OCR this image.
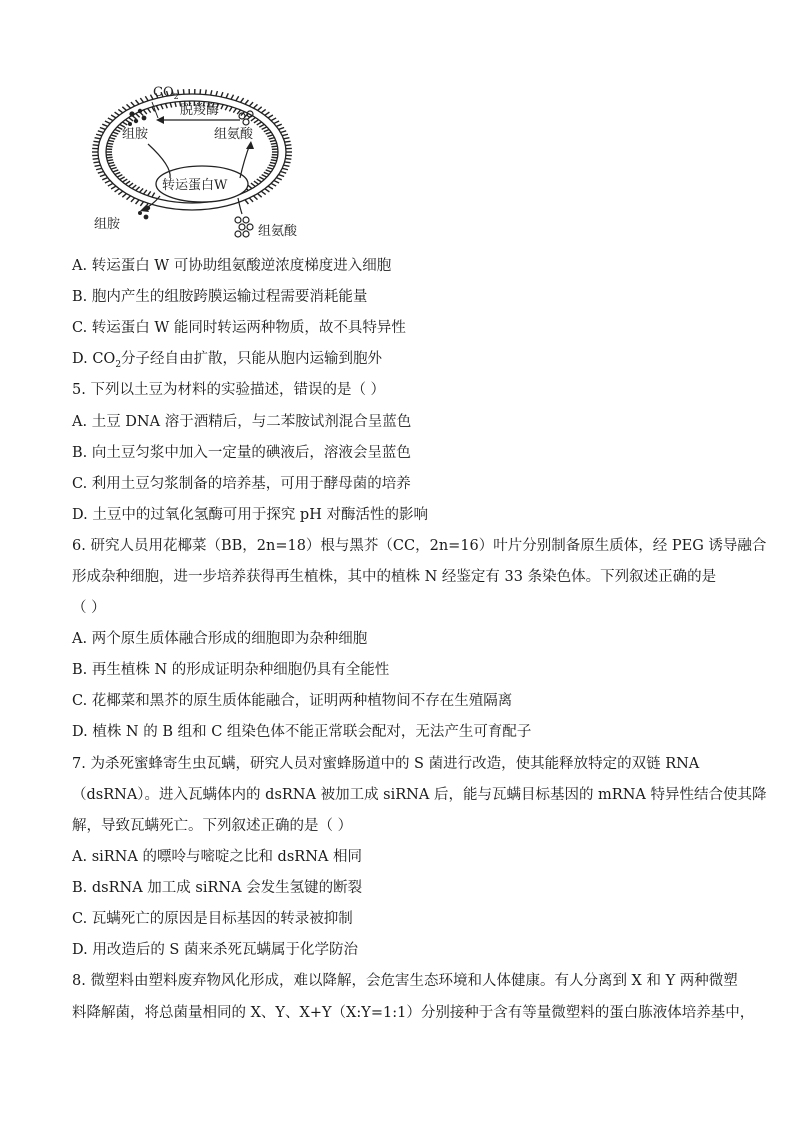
转运蛋白W
$CO_2$
脱羧酶
组胺	组氨酸
组胺	组氨酸
A. 转运蛋白 W 可协助组氨酸逆浓度梯度进入细胞
B. 胞内产生的组胺跨膜运输过程需要消耗能量
C. 转运蛋白 W 能同时转运两种物质，故不具特异性
D. $CO_2$分子经自由扩散，只能从胞内运输到胞外
5. 下列以土豆为材料的实验描述，错误的是（ ）
A. 土豆 DNA 溶于酒精后，与二苯胺试剂混合呈蓝色
B. 向土豆匀浆中加入一定量的碘液后，溶液会呈蓝色
C. 利用土豆匀浆制备的培养基，可用于酵母菌的培养
D. 土豆中的过氧化氢酶可用于探究 pH 对酶活性的影响
6. 研究人员用花椰菜（BB，2n=18）根与黑芥（CC，2n=16）叶片分别制备原生质体，经 PEG 诱导融合
形成杂种细胞，进一步培养获得再生植株，其中的植株 N 经鉴定有 33 条染色体。下列叙述正确的是
（ ）
A. 两个原生质体融合形成的细胞即为杂种细胞
B. 再生植株 N 的形成证明杂种细胞仍具有全能性
C. 花椰菜和黑芥的原生质体能融合，证明两种植物间不存在生殖隔离
D. 植株 N 的 B 组和 C 组染色体不能正常联会配对，无法产生可育配子
7. 为杀死蜜蜂寄生虫瓦螨，研究人员对蜜蜂肠道中的 S 菌进行改造，使其能释放特定的双链 RNA
（dsRNA）。进入瓦螨体内的 dsRNA 被加工成 siRNA 后，能与瓦螨目标基因的 mRNA 特异性结合使其降
解，导致瓦螨死亡。下列叙述正确的是（ ）
A. siRNA 的嘌呤与嘧啶之比和 dsRNA 相同
B. dsRNA 加工成 siRNA 会发生氢键的断裂
C. 瓦螨死亡的原因是目标基因的转录被抑制
D. 用改造后的 S 菌来杀死瓦螨属于化学防治
8. 微塑料由塑料废弃物风化形成，难以降解，会危害生态环境和人体健康。有人分离到 X 和 Y 两种微塑
料降解菌，将总菌量相同的 X、Y、X+Y（X:Y=1:1）分别接种于含有等量微塑料的蛋白胨液体培养基中，
